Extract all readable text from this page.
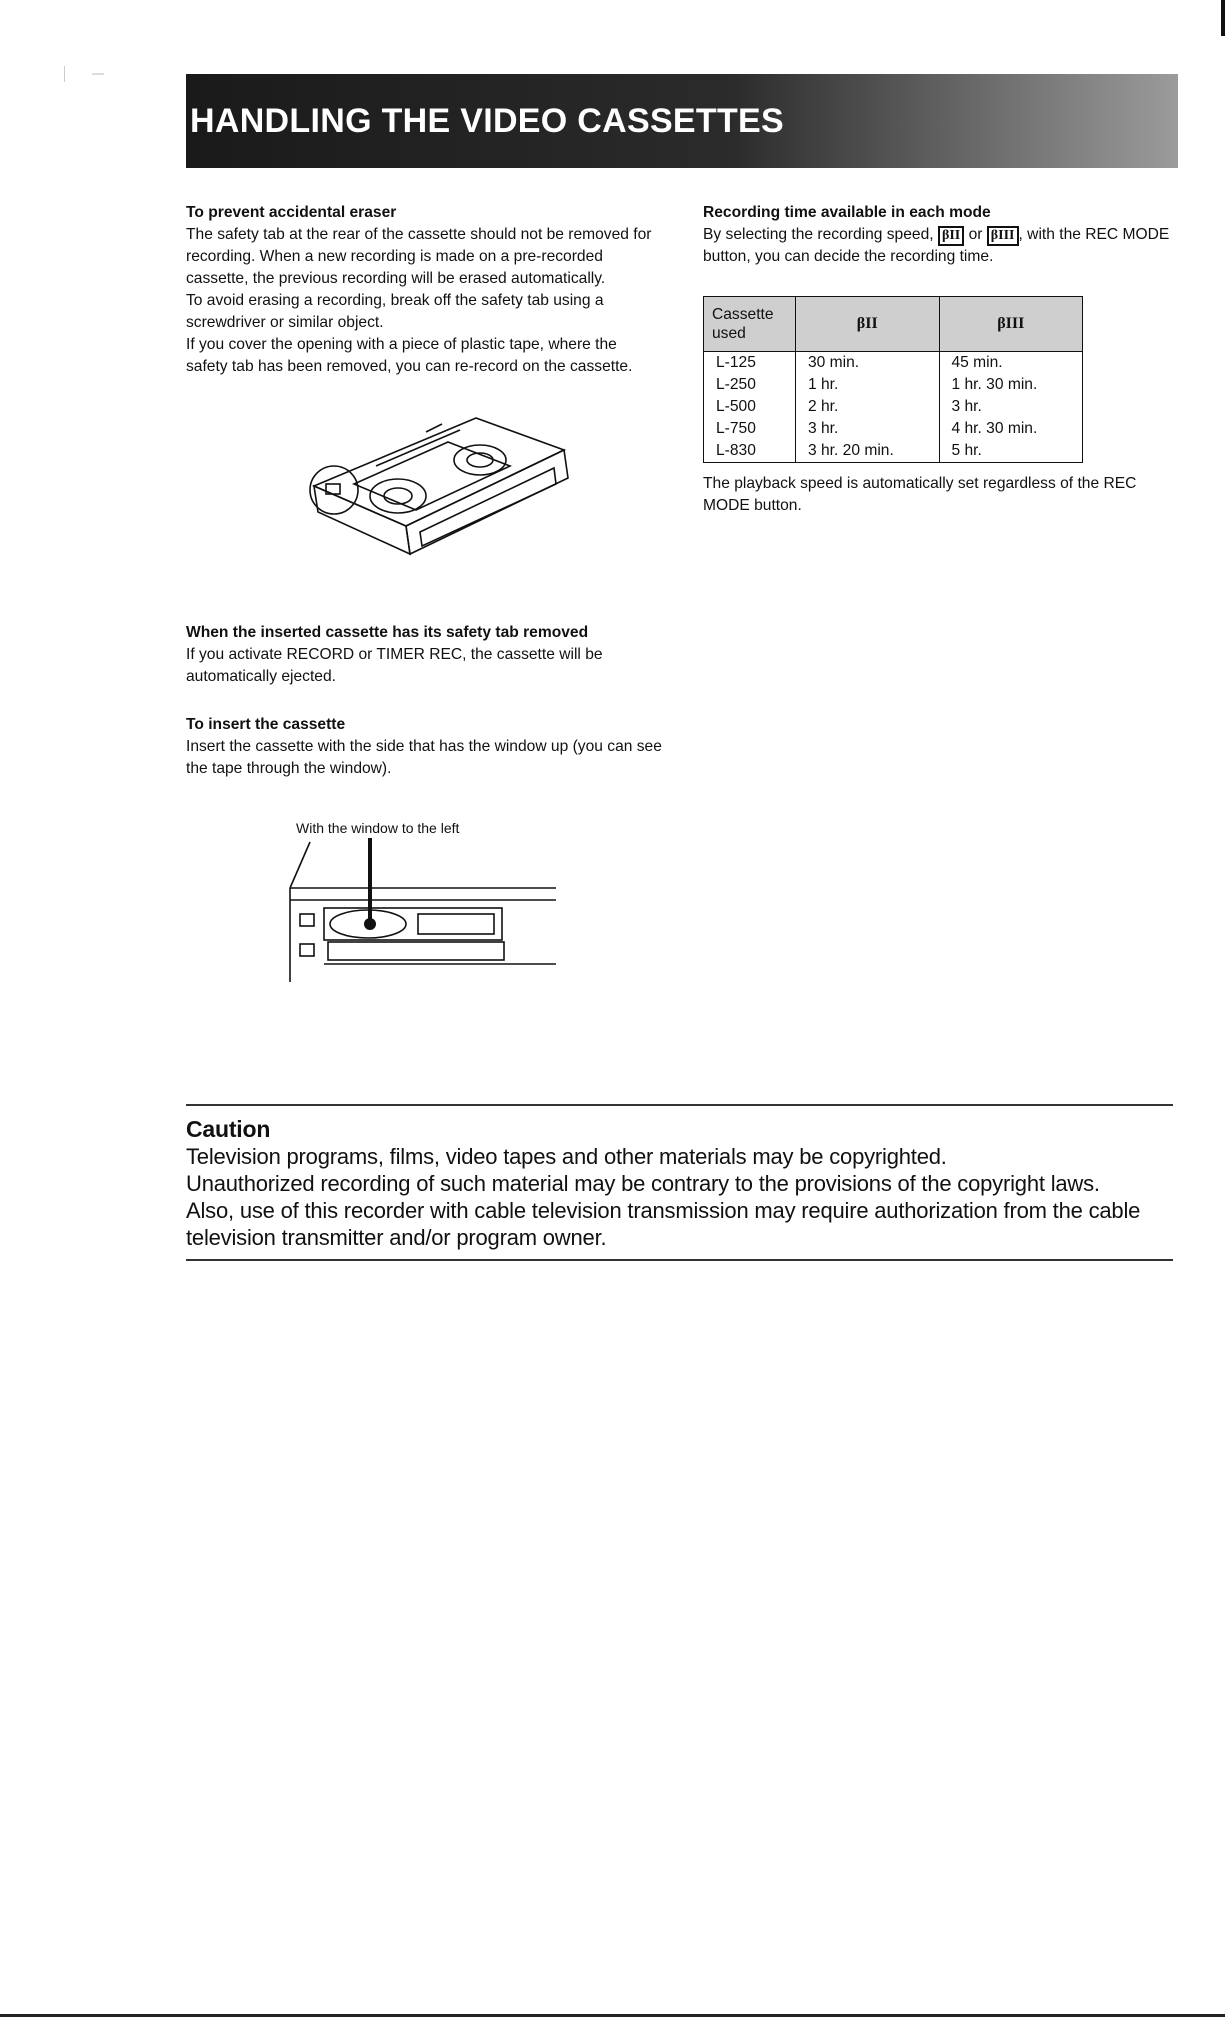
HANDLING THE VIDEO CASSETTES

To prevent accidental eraser

The safety tab at the rear of the cassette should not be removed for recording. When a new recording is made on a pre-recorded cassette, the previous recording will be erased automatically.

To avoid erasing a recording, break off the safety tab using a screwdriver or similar object.

If you cover the opening with a piece of plastic tape, where the safety tab has been removed, you can re-record on the cassette.

When the inserted cassette has its safety tab removed

If you activate RECORD or TIMER REC, the cassette will be automatically ejected.

To insert the cassette

Insert the cassette with the side that has the window up (you can see the tape through the window).

With the window to the left

Recording time available in each mode

By selecting the recording speed, βII or βIII , with the REC MODE button, you can decide the recording time.

Cassette used	βII	βIII
L-125	30 min.	45 min.
L-250	1 hr.	1 hr. 30 min.
L-500	2 hr.	3 hr.
L-750	3 hr.	4 hr. 30 min.
L-830	3 hr. 20 min.	5 hr.

The playback speed is automatically set regardless of the REC MODE button.

Caution

Television programs, films, video tapes and other materials may be copyrighted.

Unauthorized recording of such material may be contrary to the provisions of the copyright laws.

Also, use of this recorder with cable television transmission may require authorization from the cable television transmitter and/or program owner.
